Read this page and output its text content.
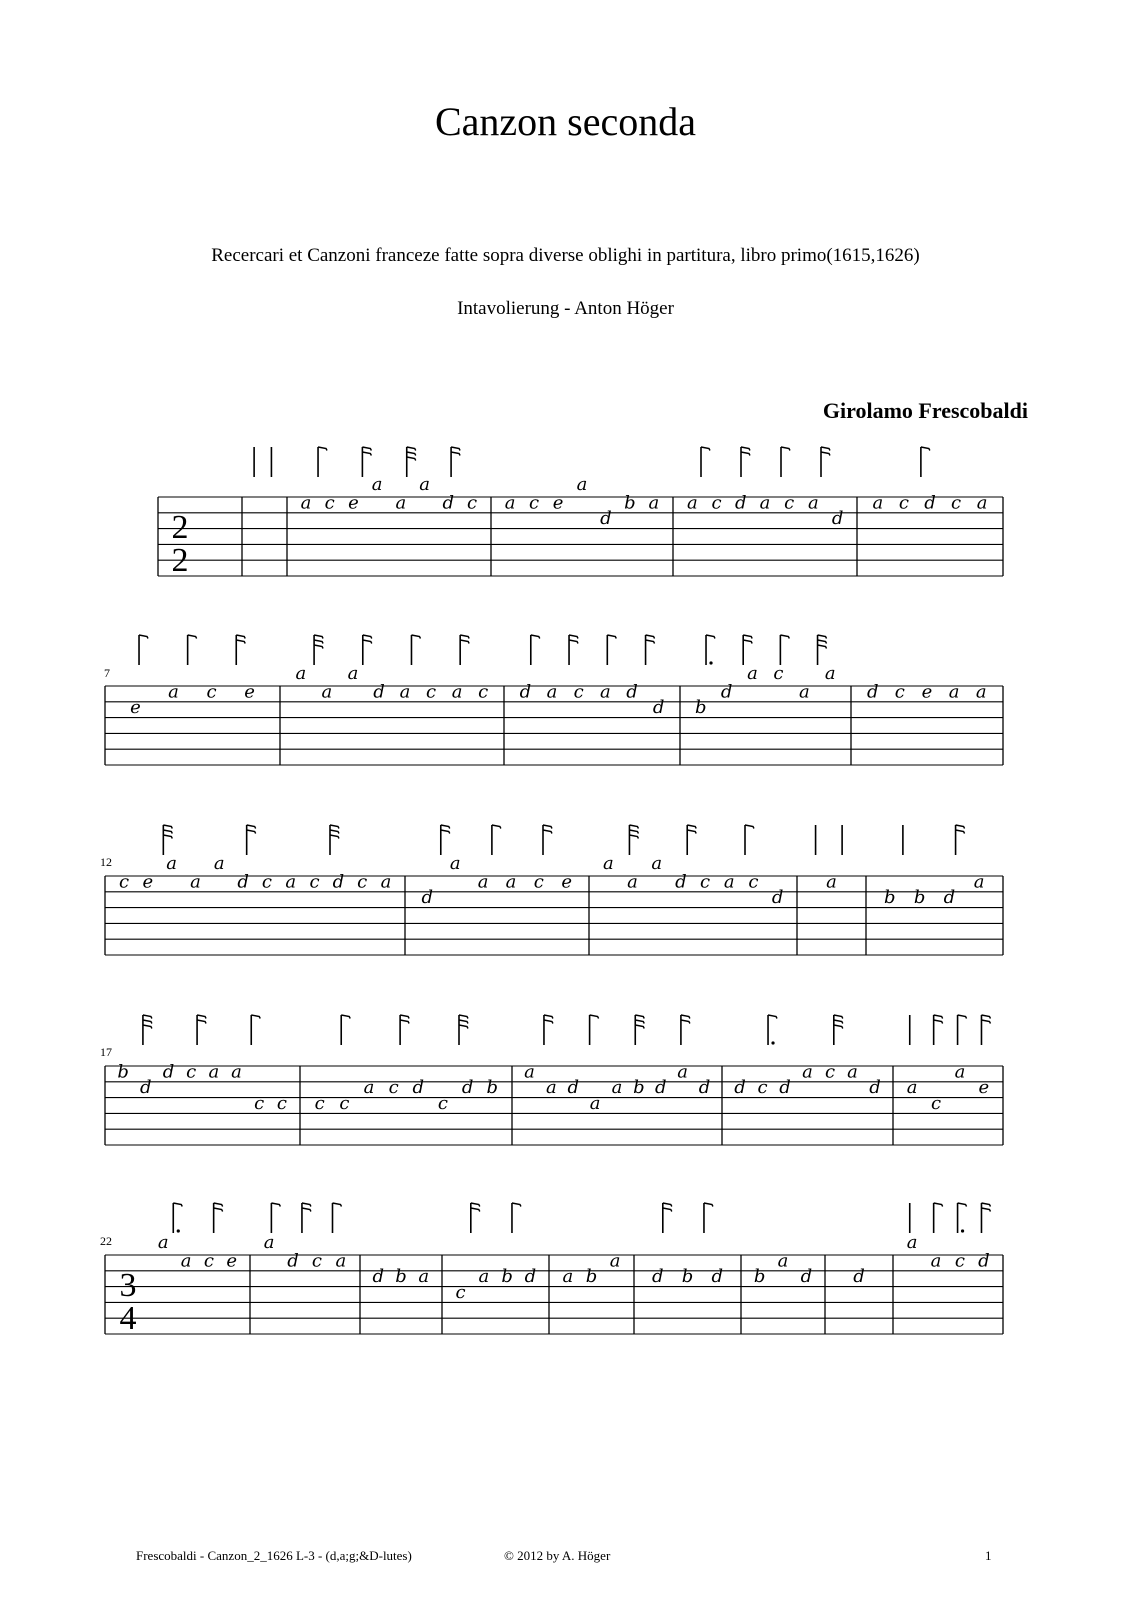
Canzon seconda
Recercari et Canzoni franceze fatte sopra diverse oblighi in partitura, libro primo(1615,1626)
Intavolierung - Anton Höger
Girolamo Frescobaldi
2
2
a c e
a
a
a
d c a c e
a
d
b a a c d a c a
d
a c d c a
7
e
a c e
a
a
a
d a c a c d a c a d
d b
d
a c
a
a
d c e a a
12
c e
a
a
a
d c a c d c a
d
a
a a c e
a
a
a
d c a c
d
a
b b d
a
17
b
d
d c a a
c c c c
a c d
c
d b
a
a d
a
a b d
a
d d c d
a c a
d a
c
a
e
22
3
4
a
a c e
a
d c a
d b a
c
a b d a b
a
d b d b
a
d d
a
a c d
Frescobaldi - Canzon_2_1626 L-3 - (d,a;g;&D-lutes)	© 2012 by A. Höger	1
